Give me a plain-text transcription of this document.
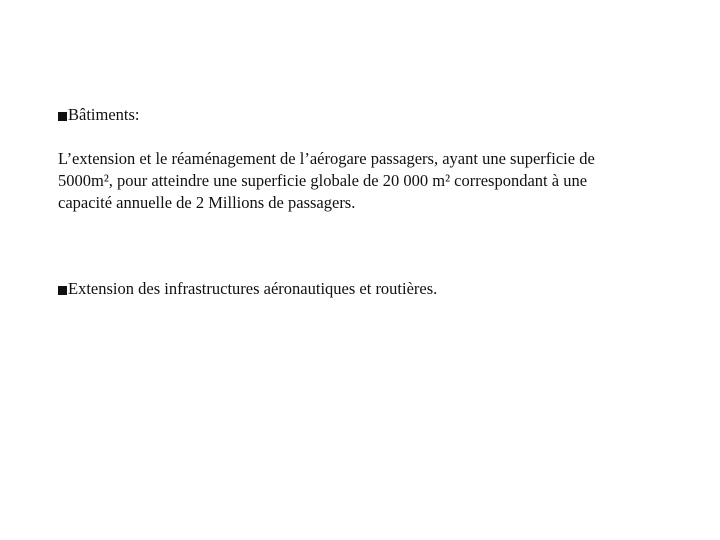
Bâtiments:

L’extension et le réaménagement de l’aérogare passagers, ayant une superficie de
5000m², pour atteindre une superficie globale de 20 000 m² correspondant à une
capacité annuelle de 2 Millions de passagers.

Extension des infrastructures aéronautiques et routières.
